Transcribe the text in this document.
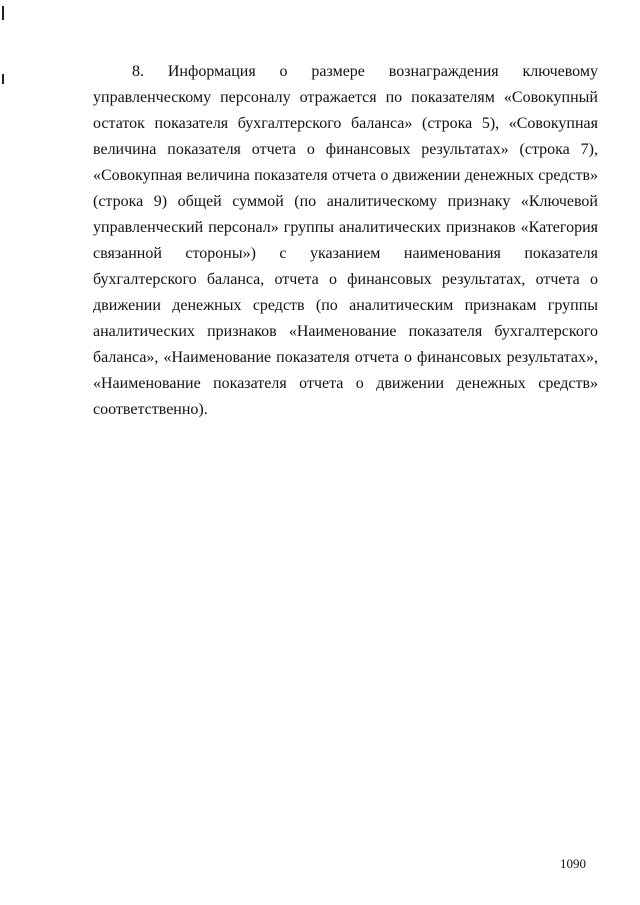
8. Информация о размере вознаграждения ключевому управленческому персоналу отражается по показателям «Совокупный остаток показателя бухгалтерского баланса» (строка 5), «Совокупная величина показателя отчета о финансовых результатах» (строка 7), «Совокупная величина показателя отчета о движении денежных средств» (строка 9) общей суммой (по аналитическому признаку «Ключевой управленческий персонал» группы аналитических признаков «Категория связанной стороны») с указанием наименования показателя бухгалтерского баланса, отчета о финансовых результатах, отчета о движении денежных средств (по аналитическим признакам группы аналитических признаков «Наименование показателя бухгалтерского баланса», «Наименование показателя отчета о финансовых результатах», «Наименование показателя отчета о движении денежных средств» соответственно).

1090
